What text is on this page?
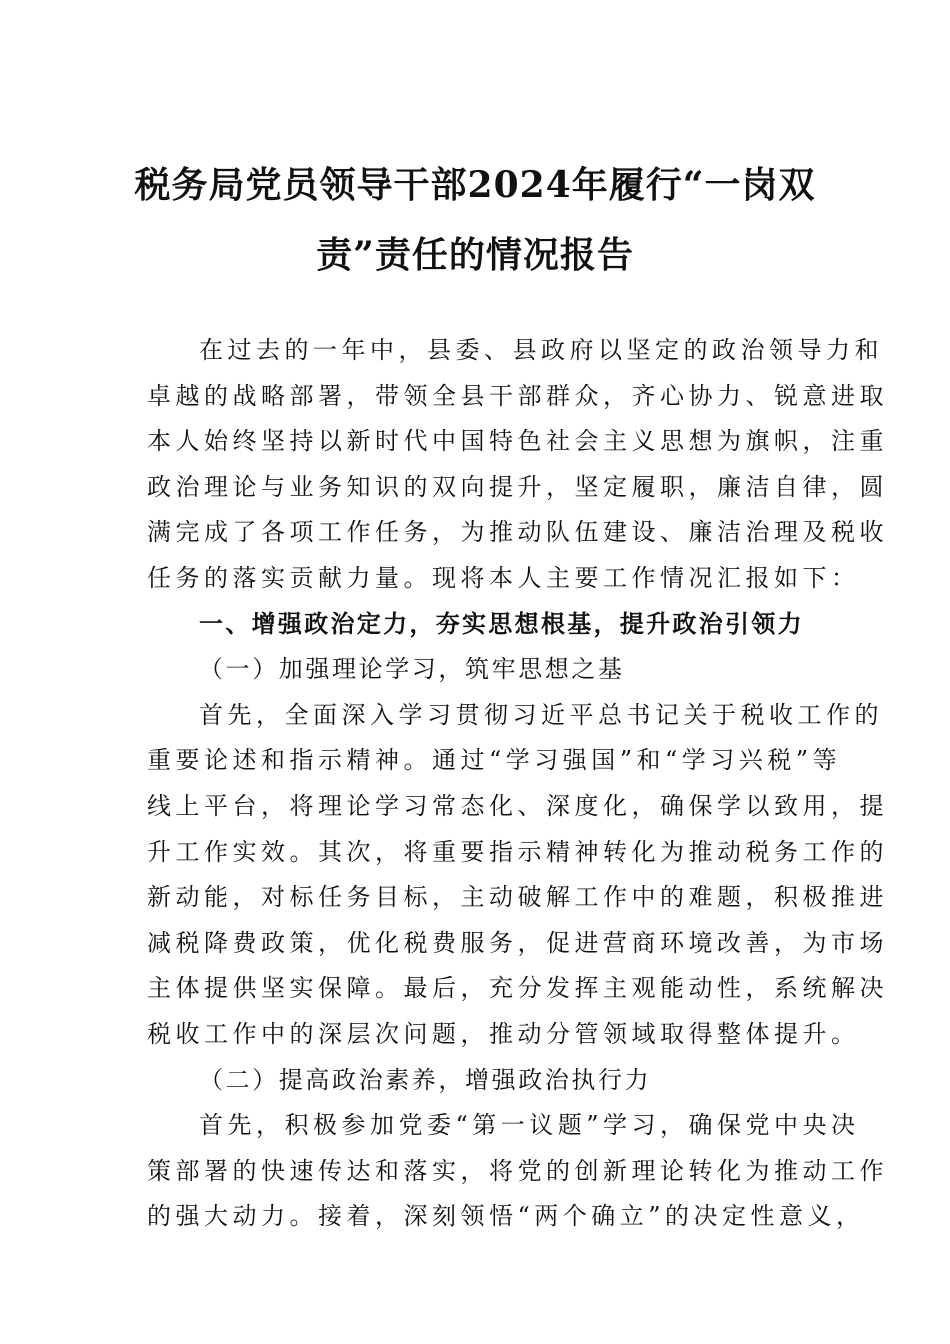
税务局党员领导干部2024年履行“一岗双
责”责任的情况报告
在过去的一年中，县委、县政府以坚定的政治领导力和
卓越的战略部署，带领全县干部群众，齐心协力、锐意进取
本人始终坚持以新时代中国特色社会主义思想为旗帜，注重
政治理论与业务知识的双向提升，坚定履职，廉洁自律，圆
满完成了各项工作任务，为推动队伍建设、廉洁治理及税收
任务的落实贡献力量。现将本人主要工作情况汇报如下：
一、增强政治定力，夯实思想根基，提升政治引领力
（一）加强理论学习，筑牢思想之基
首先，全面深入学习贯彻习近平总书记关于税收工作的
重要论述和指示精神。通过“学习强国”和“学习兴税”等
线上平台，将理论学习常态化、深度化，确保学以致用，提
升工作实效。其次，将重要指示精神转化为推动税务工作的
新动能，对标任务目标，主动破解工作中的难题，积极推进
减税降费政策，优化税费服务，促进营商环境改善，为市场
主体提供坚实保障。最后，充分发挥主观能动性，系统解决
税收工作中的深层次问题，推动分管领域取得整体提升。
（二）提高政治素养，增强政治执行力
首先，积极参加党委“第一议题”学习，确保党中央决
策部署的快速传达和落实，将党的创新理论转化为推动工作
的强大动力。接着，深刻领悟“两个确立”的决定性意义，
